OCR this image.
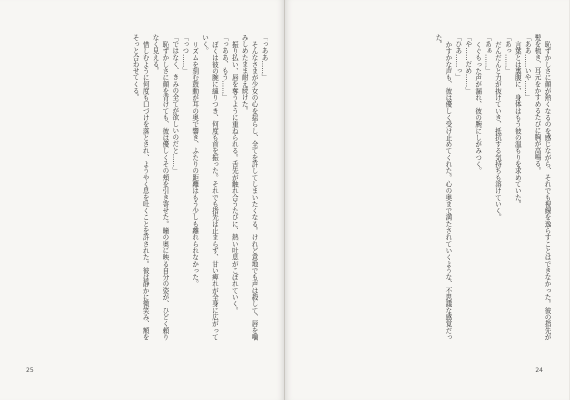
「っああ……」

そんなさまが少女の心を揺らし、全てを許してしまいたくなる。けれど意地でも声は殺して、唇を噛みしめたまま耐え続けた。

振り払い、唇を奪うように重ねられる。舌先が触れ合うたびに、熱い吐息がこぼれていく。

「っああ、もう……」

ぼくは彼の腕に縋りつき、何度も首を振った。それでも指先は止まらず、甘い痺れが全身に広がっていく。

リズムを刻む鼓動が耳の奥で響き、ふたりの距離はもう少しも離れられなかった。

「っつ……」

「ではなく、きみの全てが欲しいのだと……」

恥ずかしさに顔を背けても、彼は優しくその頬を引き寄せた。瞳の奥に映る自分の姿が、ひどく頼りなく見える。

惜しむように何度も口づけを落とされ、ようやく息を吐くことを許された。彼は静かに微笑み、額をそっと合わせてくる。

25

恥ずかしさに顔が熱くなるのを感じながら、それでも視線を逸らすことはできなかった。彼の指先が髪を梳き、耳元をかすめるたびに胸が高鳴る。

「ああ……いや……」

言葉とは裏腹に、身体はもう彼の温もりを求めていた。

「あっ……」

だんだんと力が抜けていき、抵抗する気持ちも溶けていく。

「あぁ……」

くぐもった声が漏れ、彼の腕にしがみつく。

「や……だめ……」

「ひあ……っ」

かすかな声も、彼は優しく受け止めてくれた。心の奥まで満たされていくような、不思議な感覚だった。

24
